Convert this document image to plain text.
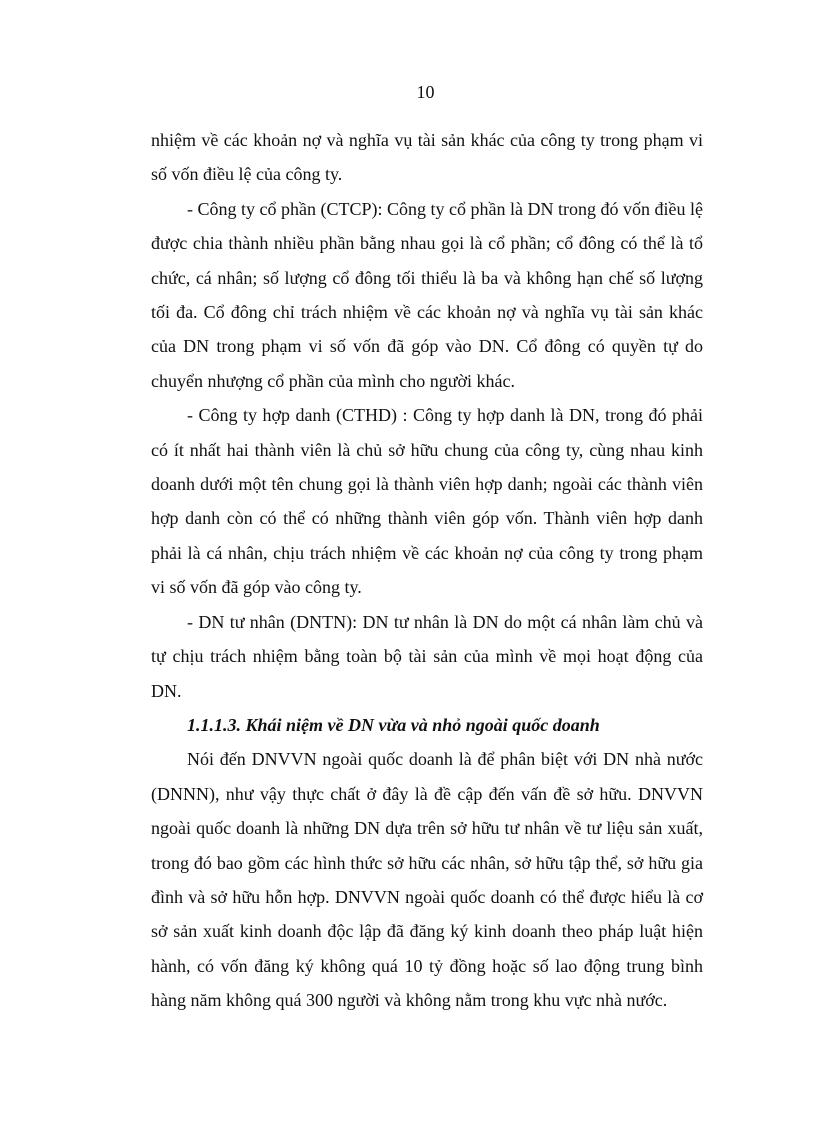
10

nhiệm về các khoản nợ và nghĩa vụ tài sản khác của công ty trong phạm vi số vốn điều lệ của công ty.

- Công ty cổ phần (CTCP): Công ty cổ phần là DN trong đó vốn điều lệ được chia thành nhiều phần bằng nhau gọi là cổ phần; cổ đông có thể là tổ chức, cá nhân; số lượng cổ đông tối thiểu là ba và không hạn chế số lượng tối đa. Cổ đông chỉ trách nhiệm về các khoản nợ và nghĩa vụ tài sản khác của DN trong phạm vi số vốn đã góp vào DN. Cổ đông có quyền tự do chuyển nhượng cổ phần của mình cho người khác.

- Công ty hợp danh (CTHD) : Công ty hợp danh là DN, trong đó phải có ít nhất hai thành viên là chủ sở hữu chung của công ty, cùng nhau kinh doanh dưới một tên chung gọi là thành viên hợp danh; ngoài các thành viên hợp danh còn có thể có những thành viên góp vốn. Thành viên hợp danh phải là cá nhân, chịu trách nhiệm về các khoản nợ của công ty trong phạm vi số vốn đã góp vào công ty.

- DN tư nhân (DNTN): DN tư nhân là DN do một cá nhân làm chủ và tự chịu trách nhiệm bằng toàn bộ tài sản của mình về mọi hoạt động của DN.

1.1.1.3. Khái niệm về DN vừa và nhỏ ngoài quốc doanh

Nói đến DNVVN ngoài quốc doanh là để phân biệt với DN nhà nước (DNNN), như vậy thực chất ở đây là đề cập đến vấn đề sở hữu. DNVVN ngoài quốc doanh là những DN dựa trên sở hữu tư nhân về tư liệu sản xuất, trong đó bao gồm các hình thức sở hữu các nhân, sở hữu tập thể, sở hữu gia đình và sở hữu hỗn hợp. DNVVN ngoài quốc doanh có thể được hiểu là cơ sở sản xuất kinh doanh độc lập đã đăng ký kinh doanh theo pháp luật hiện hành, có vốn đăng ký không quá 10 tỷ đồng hoặc số lao động trung bình hàng năm không quá 300 người và không nằm trong khu vực nhà nước.
